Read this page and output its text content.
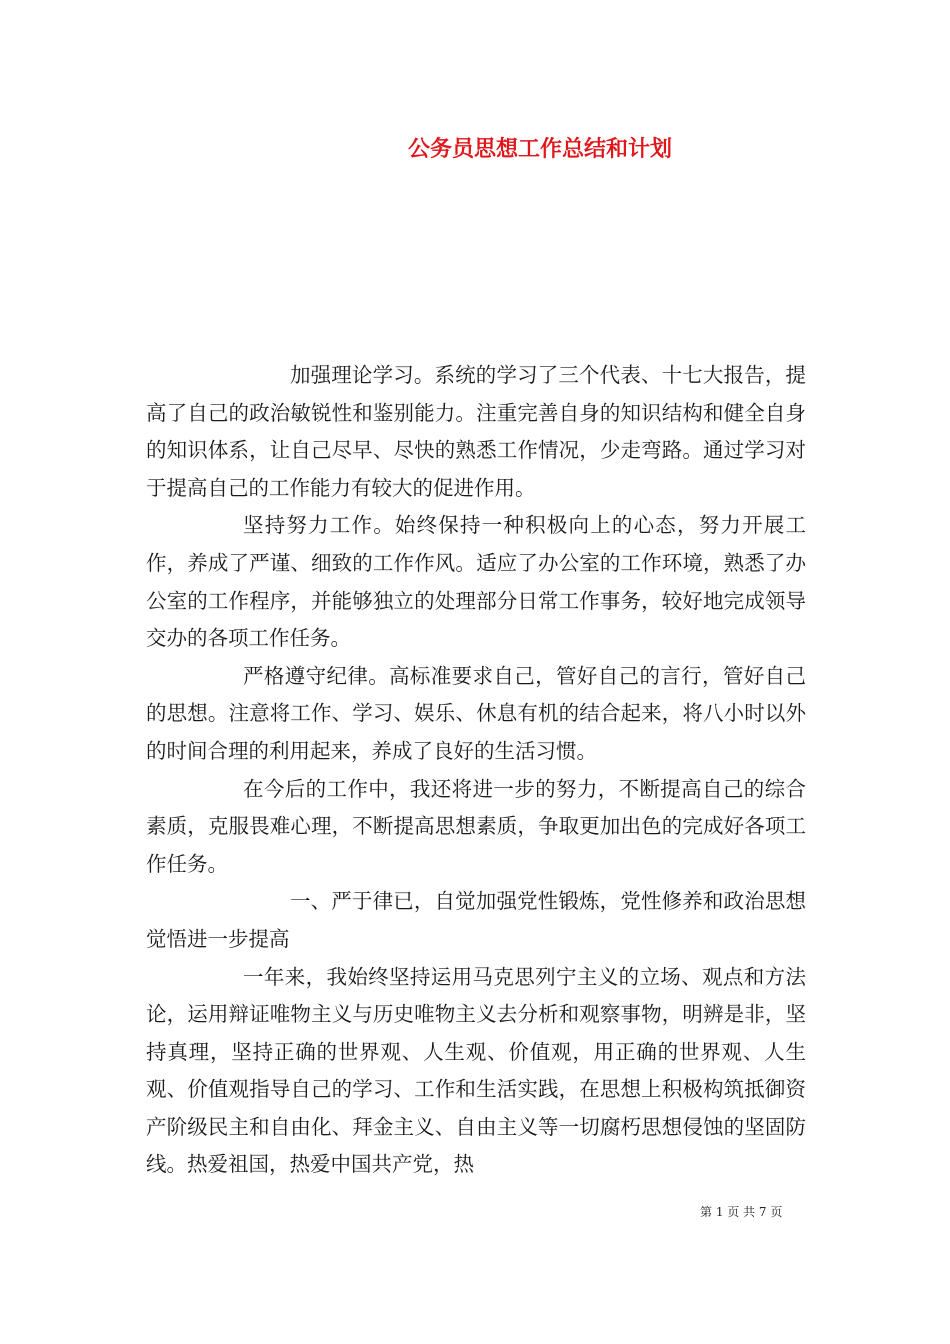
公务员思想工作总结和计划

加强理论学习。系统的学习了三个代表、十七大报告，提高了自己的政治敏锐性和鉴别能力。注重完善自身的知识结构和健全自身的知识体系，让自己尽早、尽快的熟悉工作情况，少走弯路。通过学习对于提高自己的工作能力有较大的促进作用。

坚持努力工作。始终保持一种积极向上的心态，努力开展工作，养成了严谨、细致的工作作风。适应了办公室的工作环境，熟悉了办公室的工作程序，并能够独立的处理部分日常工作事务，较好地完成领导交办的各项工作任务。

严格遵守纪律。高标准要求自己，管好自己的言行，管好自己的思想。注意将工作、学习、娱乐、休息有机的结合起来，将八小时以外的时间合理的利用起来，养成了良好的生活习惯。

在今后的工作中，我还将进一步的努力，不断提高自己的综合素质，克服畏难心理，不断提高思想素质，争取更加出色的完成好各项工作任务。

一、严于律已，自觉加强党性锻炼，党性修养和政治思想觉悟进一步提高

一年来，我始终坚持运用马克思列宁主义的立场、观点和方法论，运用辩证唯物主义与历史唯物主义去分析和观察事物，明辨是非，坚持真理，坚持正确的世界观、人生观、价值观，用正确的世界观、人生观、价值观指导自己的学习、工作和生活实践，在思想上积极构筑抵御资产阶级民主和自由化、拜金主义、自由主义等一切腐朽思想侵蚀的坚固防线。热爱祖国，热爱中国共产党，热

第 1 页 共 7 页
